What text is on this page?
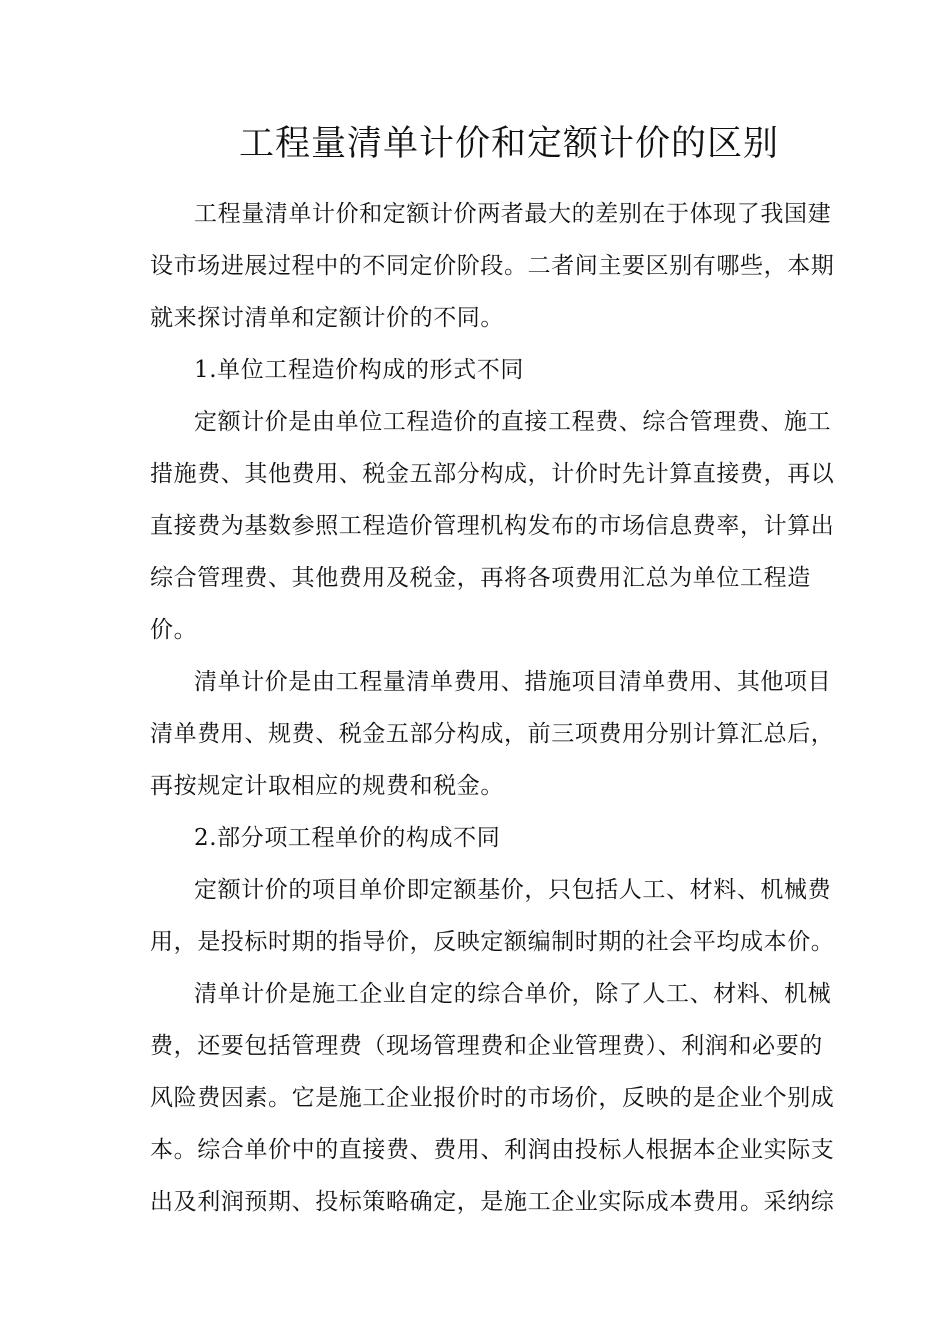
工程量清单计价和定额计价的区别
工程量清单计价和定额计价两者最大的差别在于体现了我国建
设市场进展过程中的不同定价阶段。二者间主要区别有哪些，本期
就来探讨清单和定额计价的不同。
1.单位工程造价构成的形式不同
定额计价是由单位工程造价的直接工程费、综合管理费、施工
措施费、其他费用、税金五部分构成，计价时先计算直接费，再以
直接费为基数参照工程造价管理机构发布的市场信息费率，计算出
综合管理费、其他费用及税金，再将各项费用汇总为单位工程造
价。
清单计价是由工程量清单费用、措施项目清单费用、其他项目
清单费用、规费、税金五部分构成，前三项费用分别计算汇总后，
再按规定计取相应的规费和税金。
2.部分项工程单价的构成不同
定额计价的项目单价即定额基价，只包括人工、材料、机械费
用，是投标时期的指导价，反映定额编制时期的社会平均成本价。
清单计价是施工企业自定的综合单价，除了人工、材料、机械
费，还要包括管理费（现场管理费和企业管理费）、利润和必要的
风险费因素。它是施工企业报价时的市场价，反映的是企业个别成
本。综合单价中的直接费、费用、利润由投标人根据本企业实际支
出及利润预期、投标策略确定，是施工企业实际成本费用。采纳综
